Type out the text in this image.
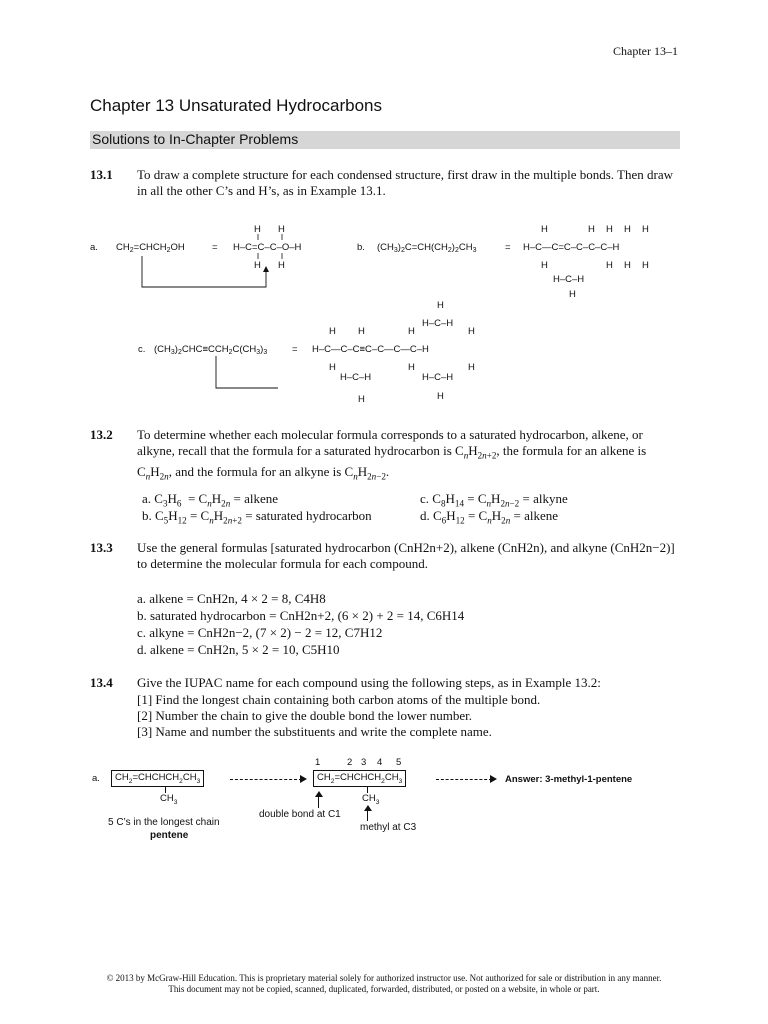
Chapter 13–1
Chapter 13 Unsaturated Hydrocarbons
Solutions to In-Chapter Problems
13.1 To draw a complete structure for each condensed structure, first draw in the multiple bonds. Then draw in all the other C’s and H’s, as in Example 13.1.
a. $CH_2=CHCH_2OH$	= H–C=C–C–O–H
H H
H H
b. $(CH_3)_2C=CH(CH_2)_2CH_3$	= H–C—C=C–C–C–C–H
H	H H H H
H	H H H
H–C–H
H
c. $(CH_3)_2CHC\equiv CCH_2C(CH_3)_3$	= H–C—C–C≡C–C—C—C–H
H H	H	H
H	H	H
H–C–H
H
H–C–H
H
H–C–H
H
13.2 To determine whether each molecular formula corresponds to a saturated hydrocarbon, alkene, or alkyne, recall that the formula for a saturated hydrocarbon is $C_nH_{2n+2}$, the formula for an alkene is $C_nH_{2n}$, and the formula for an alkyne is $C_nH_{2n-2}$.
a. $C_3H_6 = C_nH_{2n}$ = alkene
b. $C_5H_{12} = C_nH_{2n+2}$ = saturated hydrocarbon
c. $C_8H_{14} = C_nH_{2n-2}$ = alkyne
d. $C_6H_{12} = C_nH_{2n}$ = alkene
13.3 Use the general formulas [saturated hydrocarbon (CnH2n+2), alkene (CnH2n), and alkyne (CnH2n−2)] to determine the molecular formula for each compound.
a. alkene = CnH2n, 4 × 2 = 8, C4H8
b. saturated hydrocarbon = CnH2n+2, (6 × 2) + 2 = 14, C6H14
c. alkyne = CnH2n−2, (7 × 2) − 2 = 12, C7H12
d. alkene = CnH2n, 5 × 2 = 10, C5H10
13.4 Give the IUPAC name for each compound using the following steps, as in Example 13.2:
[1] Find the longest chain containing both carbon atoms of the multiple bond.
[2] Number the chain to give the double bond the lower number.
[3] Name and number the substituents and write the complete name.
a.	$CH_2=CHCHCH_2CH_3$
$CH_3$
1	2 3 4 5
$CH_2=CHCHCH_2CH_3$
$CH_3$
Answer: 3-methyl-1-pentene
double bond at C1
methyl at C3
5 C’s in the longest chain
pentene
© 2013 by McGraw-Hill Education. This is proprietary material solely for authorized instructor use. Not authorized for sale or distribution in any manner. This document may not be copied, scanned, duplicated, forwarded, distributed, or posted on a website, in whole or part.
